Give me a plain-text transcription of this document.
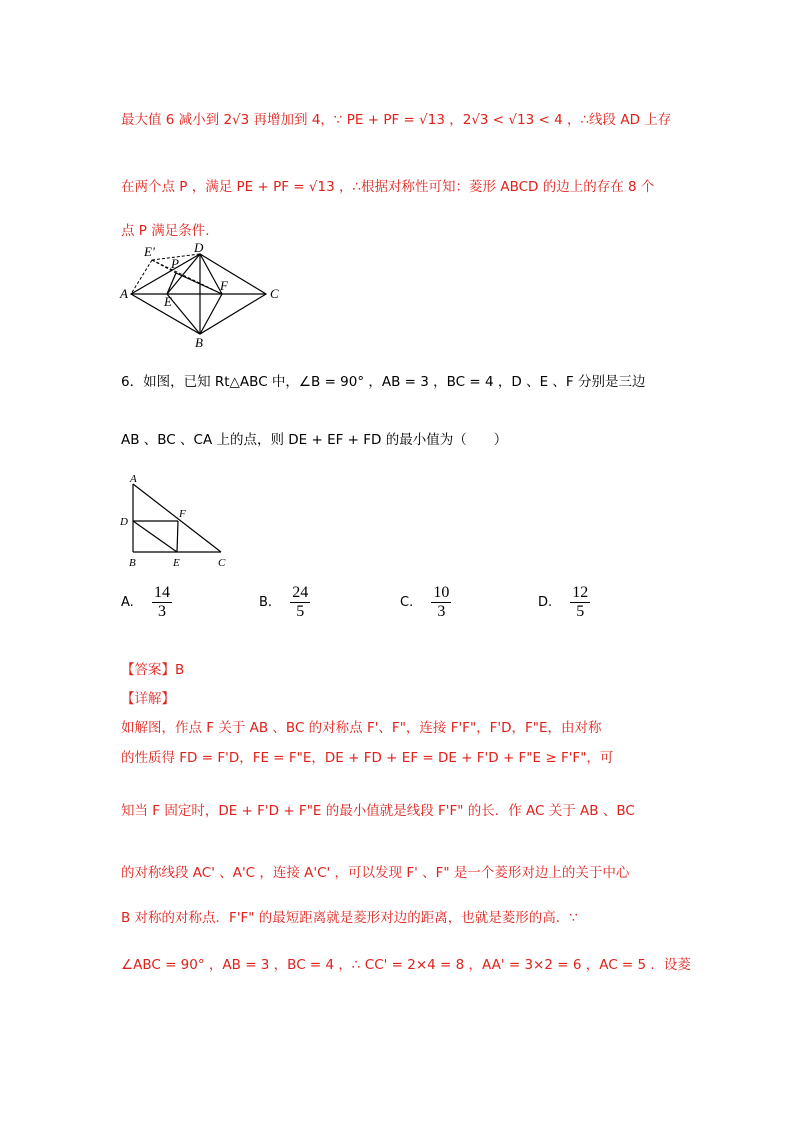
最大值 6 减小到 2√3 再增加到 4，∵ PE + PF = √13 ，2√3 < √13 < 4 ，∴线段 AD 上存
在两个点 P ，满足 PE + PF = √13 ，∴根据对称性可知：菱形 ABCD 的边上的存在 8 个
点 P 满足条件.
E'	D
P
A
E
F
C
B
6．如图，已知 Rt△ABC 中，∠B = 90° ，AB = 3 ，BC = 4 ，D 、E 、F 分别是三边
AB 、BC 、CA 上的点，则 DE + EF + FD 的最小值为（　　）
A
D
F
B	E	C
A. $\frac{14}{3}$	B. $\frac{24}{5}$	C. $\frac{10}{3}$	D. $\frac{12}{5}$
【答案】B
【详解】
如解图，作点 F 关于 AB 、BC 的对称点 F'、F"，连接 F'F"，F'D，F"E，由对称
的性质得 FD = F'D，FE = F"E，DE + FD + EF = DE + F'D + F"E ≥ F'F"，可
知当 F 固定时，DE + F'D + F"E 的最小值就是线段 F'F" 的长．作 AC 关于 AB 、BC
的对称线段 AC' 、A'C ，连接 A'C' ，可以发现 F' 、F" 是一个菱形对边上的关于中心
B 对称的对称点．F'F" 的最短距离就是菱形对边的距离，也就是菱形的高．∵
∠ABC = 90° ，AB = 3 ，BC = 4 ，∴ CC' = 2×4 = 8 ，AA' = 3×2 = 6 ，AC = 5 ．设菱
